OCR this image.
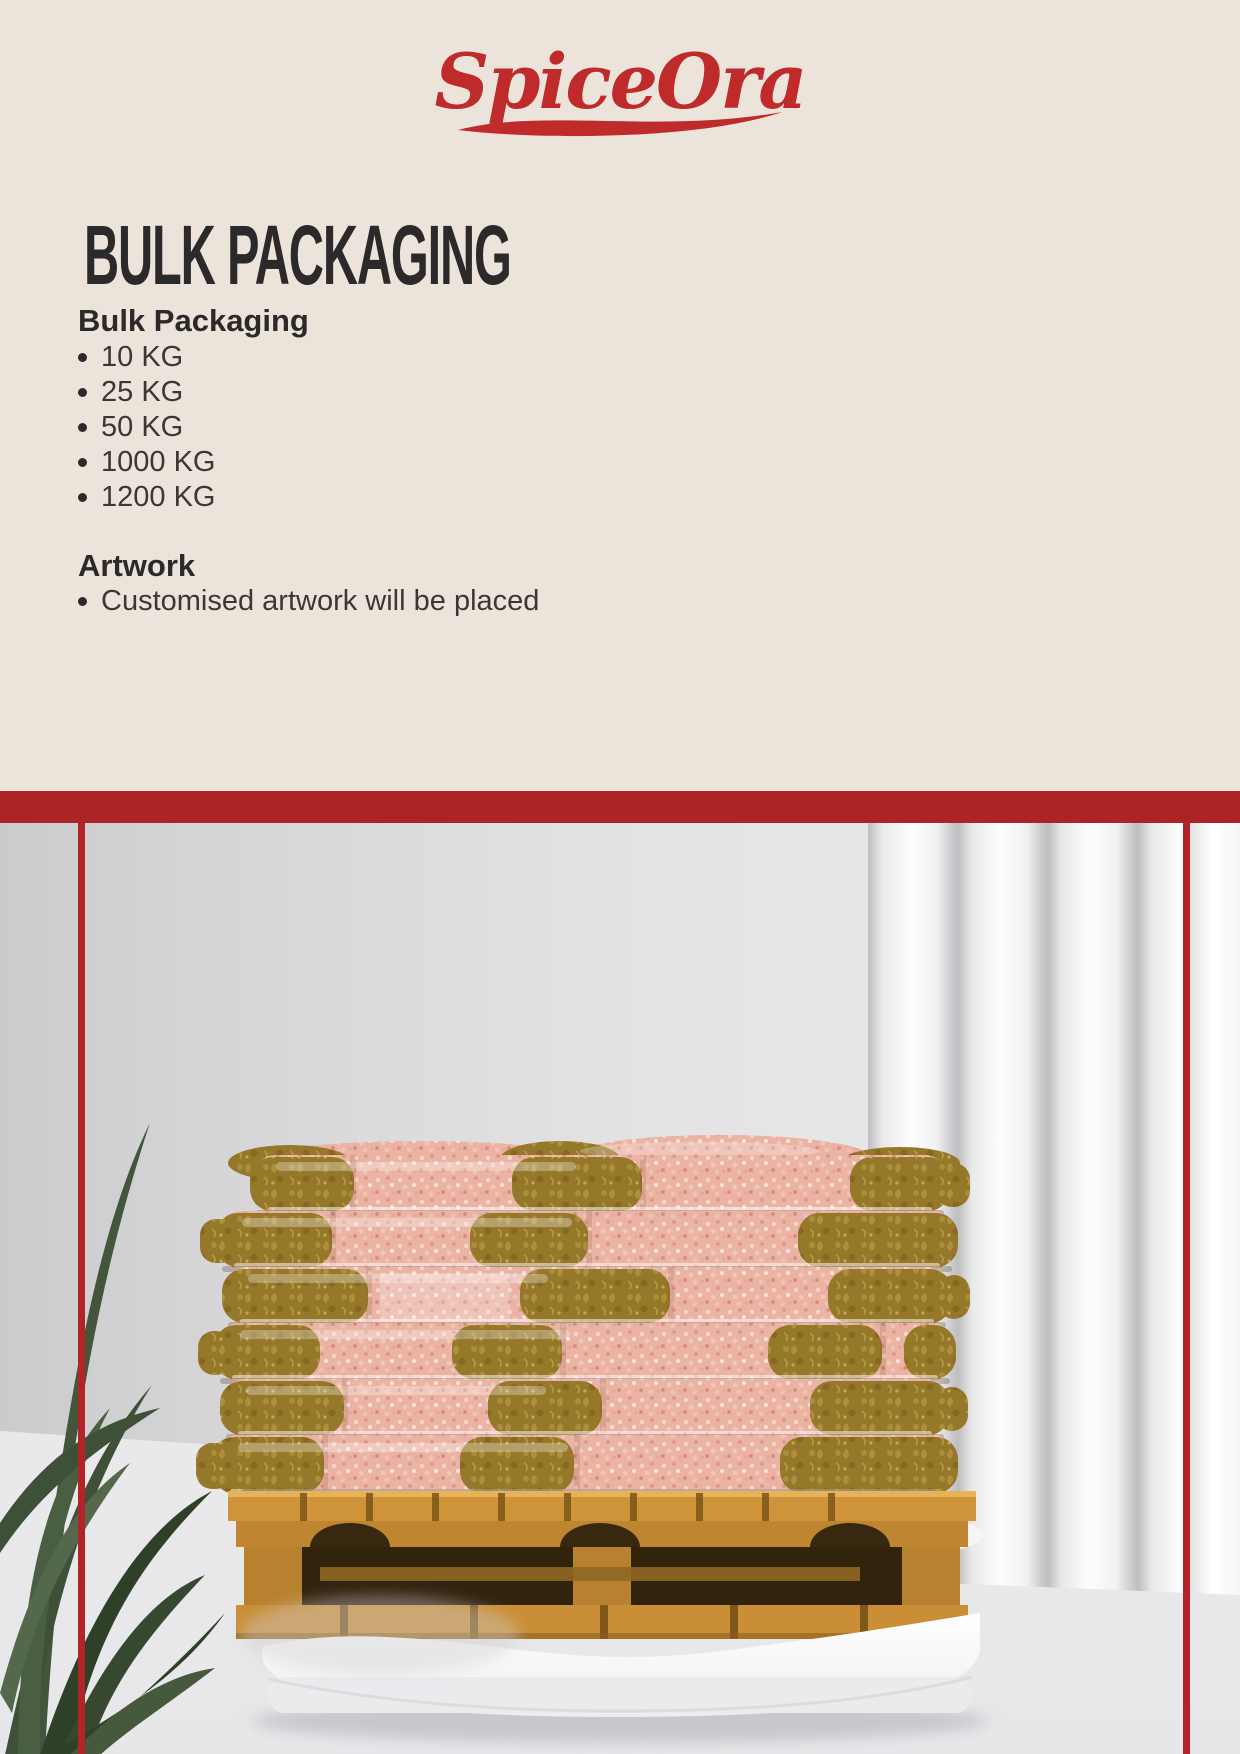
SpiceOra
BULK PACKAGING
Bulk Packaging
10 KG
25 KG
50 KG
1000 KG
1200 KG
Artwork
Customised artwork will be placed
